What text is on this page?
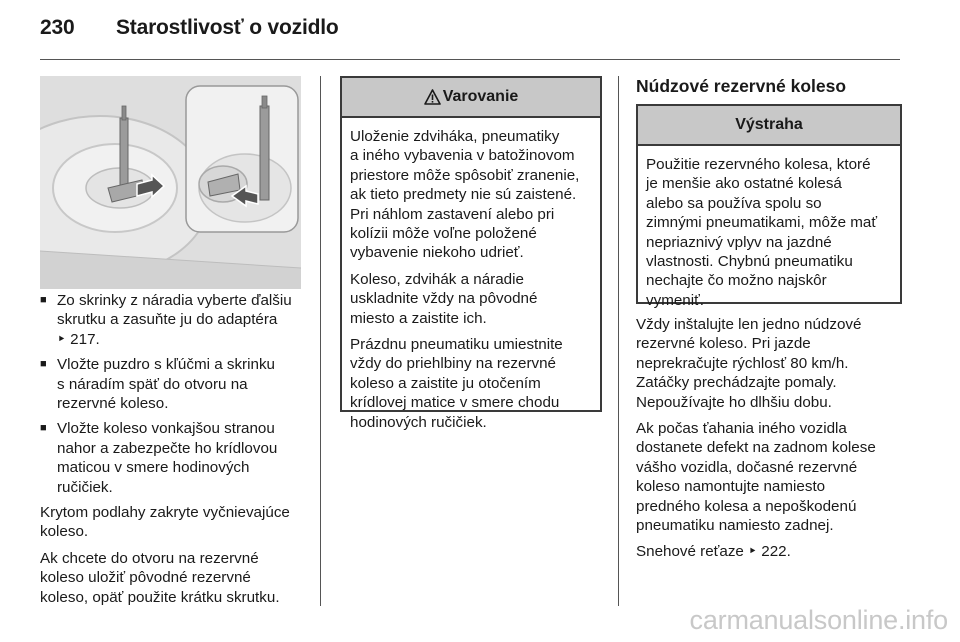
230 Starostlivosť o vozidlo
■ Zo skrinky z náradia vyberte ďalšiu
skrutku a zasuňte ju do adaptéra
‣ 217.
■ Vložte puzdro s kľúčmi a skrinku
s náradím späť do otvoru na
rezervné koleso.
■ Vložte koleso vonkajšou stranou
nahor a zabezpečte ho krídlovou
maticou v smere hodinových
ručičiek.

Krytom podlahy zakryte vyčnievajúce
koleso.

Ak chcete do otvoru na rezervné
koleso uložiť pôvodné rezervné
koleso, opäť použite krátku skrutku.

Varovanie

Uloženie zdviháka, pneumatiky
a iného vybavenia v batožinovom
priestore môže spôsobiť zranenie,
ak tieto predmety nie sú zaistené.
Pri náhlom zastavení alebo pri
kolízii môže voľne položené
vybavenie niekoho udrieť.

Koleso, zdvihák a náradie
uskladnite vždy na pôvodné
miesto a zaistite ich.

Prázdnu pneumatiku umiestnite
vždy do priehlbiny na rezervné
koleso a zaistite ju otočením
krídlovej matice v smere chodu
hodinových ručičiek.

Núdzové rezervné koleso
Výstraha

Použitie rezervného kolesa, ktoré
je menšie ako ostatné kolesá
alebo sa používa spolu so
zimnými pneumatikami, môže mať
nepriaznivý vplyv na jazdné
vlastnosti. Chybnú pneumatiku
nechajte čo možno najskôr
vymeniť.

Vždy inštalujte len jedno núdzové
rezervné koleso. Pri jazde
neprekračujte rýchlosť 80 km/h.
Zatáčky prechádzajte pomaly.
Nepoužívajte ho dlhšiu dobu.

Ak počas ťahania iného vozidla
dostanete defekt na zadnom kolese
vášho vozidla, dočasné rezervné
koleso namontujte namiesto
predného kolesa a nepoškodenú
pneumatiku namiesto zadnej.

Snehové reťaze ‣ 222.

carmanualsonline.info
